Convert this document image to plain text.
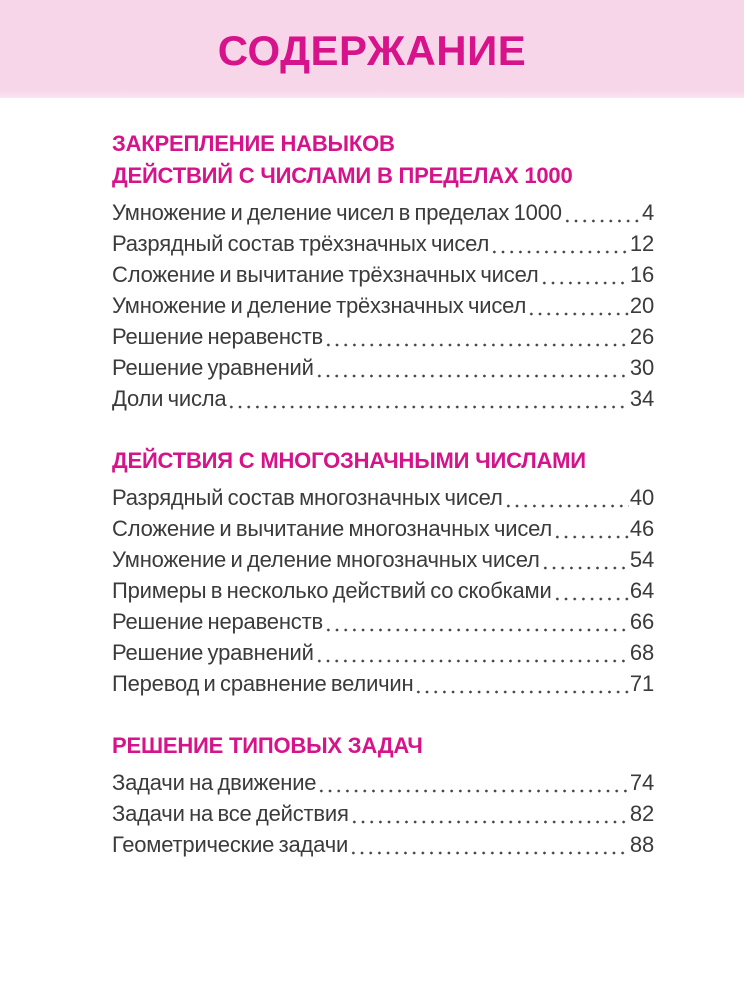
СОДЕРЖАНИЕ
ЗАКРЕПЛЕНИЕ НАВЫКОВ
ДЕЙСТВИЙ С ЧИСЛАМИ В ПРЕДЕЛАХ 1000
Умножение и деление чисел в пределах 1000	4
Разрядный состав трёхзначных чисел	12
Сложение и вычитание трёхзначных чисел	16
Умножение и деление трёхзначных чисел	20
Решение неравенств	26
Решение уравнений	30
Доли числа	34
ДЕЙСТВИЯ С МНОГОЗНАЧНЫМИ ЧИСЛАМИ
Разрядный состав многозначных чисел	40
Сложение и вычитание многозначных чисел	46
Умножение и деление многозначных чисел	54
Примеры в несколько действий со скобками	64
Решение неравенств	66
Решение уравнений	68
Перевод и сравнение величин	71
РЕШЕНИЕ ТИПОВЫХ ЗАДАЧ
Задачи на движение	74
Задачи на все действия	82
Геометрические задачи	88
